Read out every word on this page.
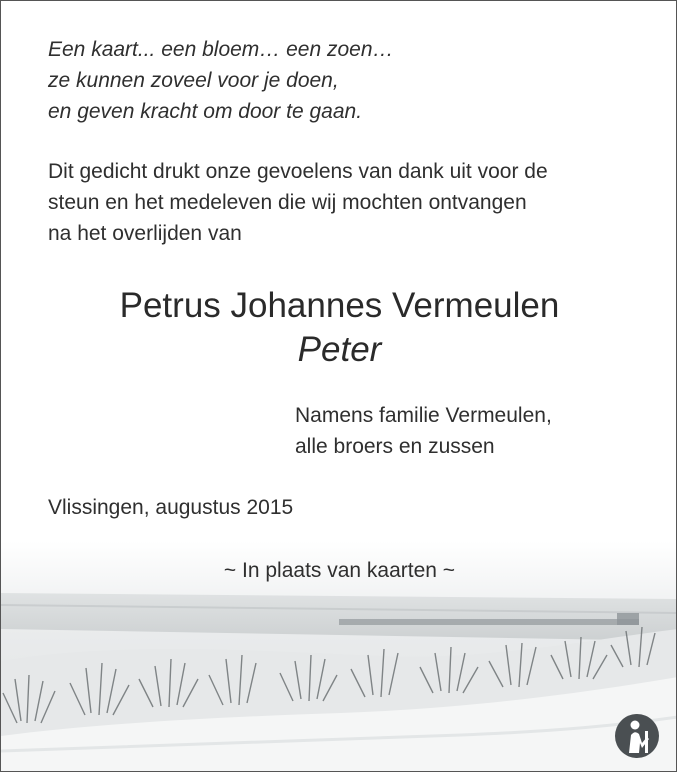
Een kaart... een bloem… een zoen…
ze kunnen zoveel voor je doen,
en geven kracht om door te gaan.
Dit gedicht drukt onze gevoelens van dank uit voor de
steun en het medeleven die wij mochten ontvangen
na het overlijden van
Petrus Johannes Vermeulen
Peter
Namens familie Vermeulen,
alle broers en zussen
Vlissingen, augustus 2015
~ In plaats van kaarten ~
